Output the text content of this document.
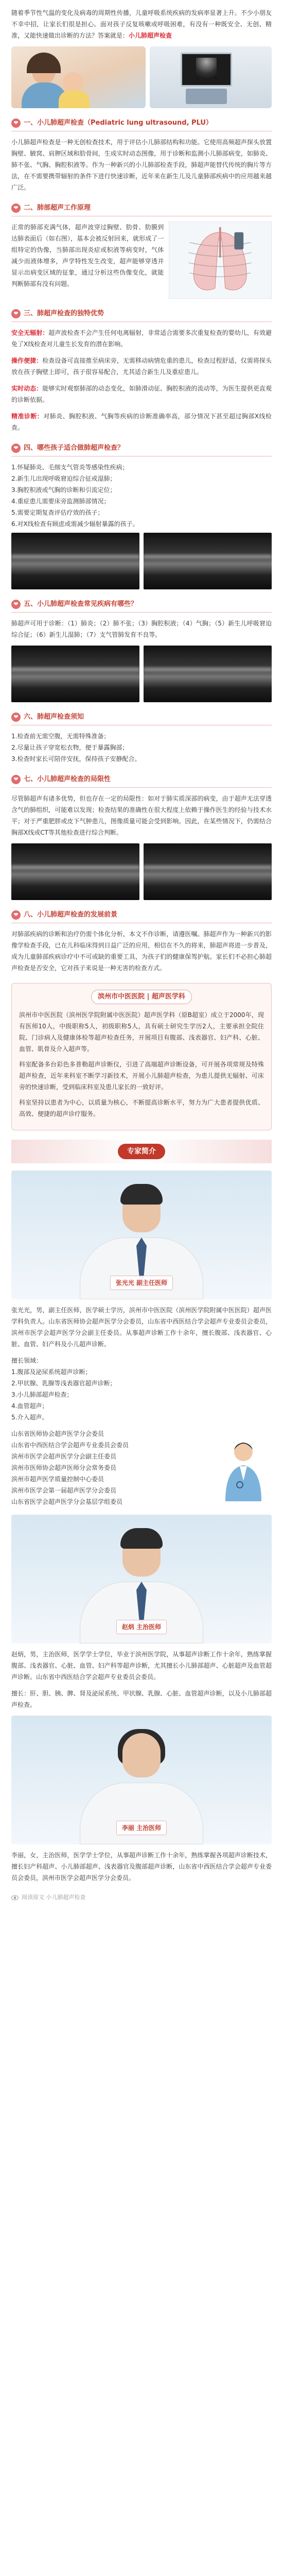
随着季节性气温的变化及病毒的周期性传播，儿童呼吸系统疾病的发病率显著上升。不少小朋友不幸中招，让家长们很是担心。面对孩子反复咳嗽或呼吸困难，有没有一种既安全、无创、精准，又能快速做出诊断的方法？答案就是：小儿肺超声检查

❤ 一、小儿肺超声检查（Pediatric lung ultrasound, PLU）

小儿肺超声检查是一种无创检查技术，用于评估小儿肺部结构和功能。它使用高频超声探头放置胸壁、腋窝、肩胛区域和肋骨间，生成实时动态图像，用于诊断和监测小儿肺部病变，如肺炎、肺不张、气胸、胸腔积液等。作为一种新兴的小儿肺部检查手段，肺超声能替代传统的胸片等方法，在不需要携带辐射的条件下进行快速诊断，近年来在新生儿及儿童肺部疾病中的应用越来越广泛。

❤ 二、肺部超声工作原理

正常的肺部充满气体，超声波穿过胸壁、肋骨、肋膜到达肺表面后（如右图），基本会被反射回来，就形成了一组特定的伪像，当肺部出现炎症或积液等病变时，气体减少而液体增多，声学特性发生改变，超声能够穿透并显示出病变区域的征象，通过分析这些伪像变化，就能判断肺部有没有问题。

❤ 三、肺超声检查的独特优势

安全无辐射：超声波检查不会产生任何电离辐射，非常适合需要多次重复检查的婴幼儿，有效避免了X线检查对儿童生长发育的潜在影响。

操作便捷：检查设备可直接推至病床旁，无需移动病情危重的患儿，检查过程舒适，仅需将探头放在孩子胸壁上即可，孩子很容易配合，尤其适合新生儿及重症患儿。

实时动态：能够实时观察肺部的动态变化，如肺滑动征、胸腔积液的流动等，为医生提供更直观的诊断依据。

精准诊断：对肺炎、胸腔积液、气胸等疾病的诊断准确率高，部分情况下甚至超过胸部X线检查。

❤ 四、哪些孩子适合做肺超声检查？
1.怀疑肺炎、毛细支气管炎等感染性疾病；
2.新生儿出现呼吸窘迫综合征或湿肺；
3.胸腔积液或气胸的诊断和引流定位；
4.重症患儿需要床旁监测肺部情况；
5.需要定期复查评估疗效的孩子；
6.对X线检查有顾虑或需减少辐射暴露的孩子。
❤ 五、小儿肺超声检查常见疾病有哪些？

肺超声可用于诊断：（1）肺炎；（2）肺不张；（3）胸腔积液；（4）气胸；（5）新生儿呼吸窘迫综合征；（6）新生儿湿肺；（7）支气管肺发育不良等。

❤ 六、肺超声检查须知
1.检查前无需空腹，无需特殊准备；
2.尽量让孩子穿宽松衣物，便于暴露胸部；
3.检查时家长可陪伴安抚，保持孩子安静配合。
❤ 七、小儿肺超声检查的局限性

尽管肺超声有诸多优势，但也存在一定的局限性：如对于肺实质深部的病变，由于超声无法穿透含气的肺组织，可能难以发现；检查结果的准确性在很大程度上依赖于操作医生的经验与技术水平；对于严重肥胖或皮下气肿患儿，图像质量可能会受到影响。因此，在某些情况下，仍需结合胸部X线或CT等其他检查进行综合判断。

❤ 八、小儿肺超声检查的发展前景

对肺部疾病的诊断和治疗仍需个体化分析，本文不作诊断，请遵医嘱。肺超声作为一种新兴的影像学检查手段，已在儿科临床得到日益广泛的应用，相信在不久的将来，肺超声将进一步普及，成为儿童肺部疾病诊疗中不可或缺的重要工具，为孩子们的健康保驾护航。家长们不必担心肺超声检查是否安全，它对孩子来说是一种无害的检查方式。

滨州市中医医院 | 超声医学科

滨州市中医医院（滨州医学院附属中医医院）超声医学科（原B超室）成立于2000年，现有医师10人，中级职称5人，初级职称5人，具有硕士研究生学历2人，主要承担全院住院、门诊病人及健康体检等超声检查任务，开展项目有腹部、浅表器官、妇产科、心脏、血管、肌骨及介入超声等。

科室配备多台彩色多普勒超声诊断仪，引进了高端超声诊断设备，可开展各项常规及特殊超声检查，近年来科室不断学习新技术，开展小儿肺超声检查，为患儿提供无辐射、可床旁的快速诊断，受到临床科室及患儿家长的一致好评。

科室坚持以患者为中心，以质量为核心，不断提高诊断水平，努力为广大患者提供优质、高效、便捷的超声诊疗服务。

专家简介
张光光 副主任医师

张光光，男，副主任医师，医学硕士学历，滨州市中医医院（滨州医学院附属中医医院）超声医学科负责人。山东省医师协会超声医学分会委员，山东省中西医结合学会超声专业委员会委员，滨州市医学会超声医学分会副主任委员。从事超声诊断工作十余年，擅长腹部、浅表器官、心脏、血管、妇产科及小儿超声诊断。

擅长领域：

1.腹部及泌尿系统超声诊断；
2.甲状腺、乳腺等浅表器官超声诊断；
3.小儿肺部超声检查；
4.血管超声；
5.介入超声。
山东省医师协会超声医学分会委员
山东省中西医结合学会超声专业委员会委员
滨州市医学会超声医学分会副主任委员
滨州市医师协会超声医师分会常务委员
滨州市超声医学质量控制中心委员
滨州市医学会第一届超声医学分会委员
山东省医学会超声医学分会基层学组委员
赵炳 主治医师

赵炳，男，主治医师，医学学士学位，毕业于滨州医学院，从事超声诊断工作十余年，熟练掌握腹部、浅表器官、心脏、血管、妇产科等超声诊断，尤其擅长小儿肺部超声、心脏超声及血管超声诊断。山东省中西医结合学会超声专业委员会委员。

擅长：肝、胆、胰、脾、肾及泌尿系统、甲状腺、乳腺、心脏、血管超声诊断，以及小儿肺部超声检查。

李丽 主治医师

李丽，女，主治医师，医学学士学位，从事超声诊断工作十余年，熟练掌握各项超声诊断技术，擅长妇产科超声、小儿肺部超声、浅表器官及腹部超声诊断，山东省中西医结合学会超声专业委员会委员，滨州市医学会超声医学分会委员。

阅读原文 小儿肺超声检查
